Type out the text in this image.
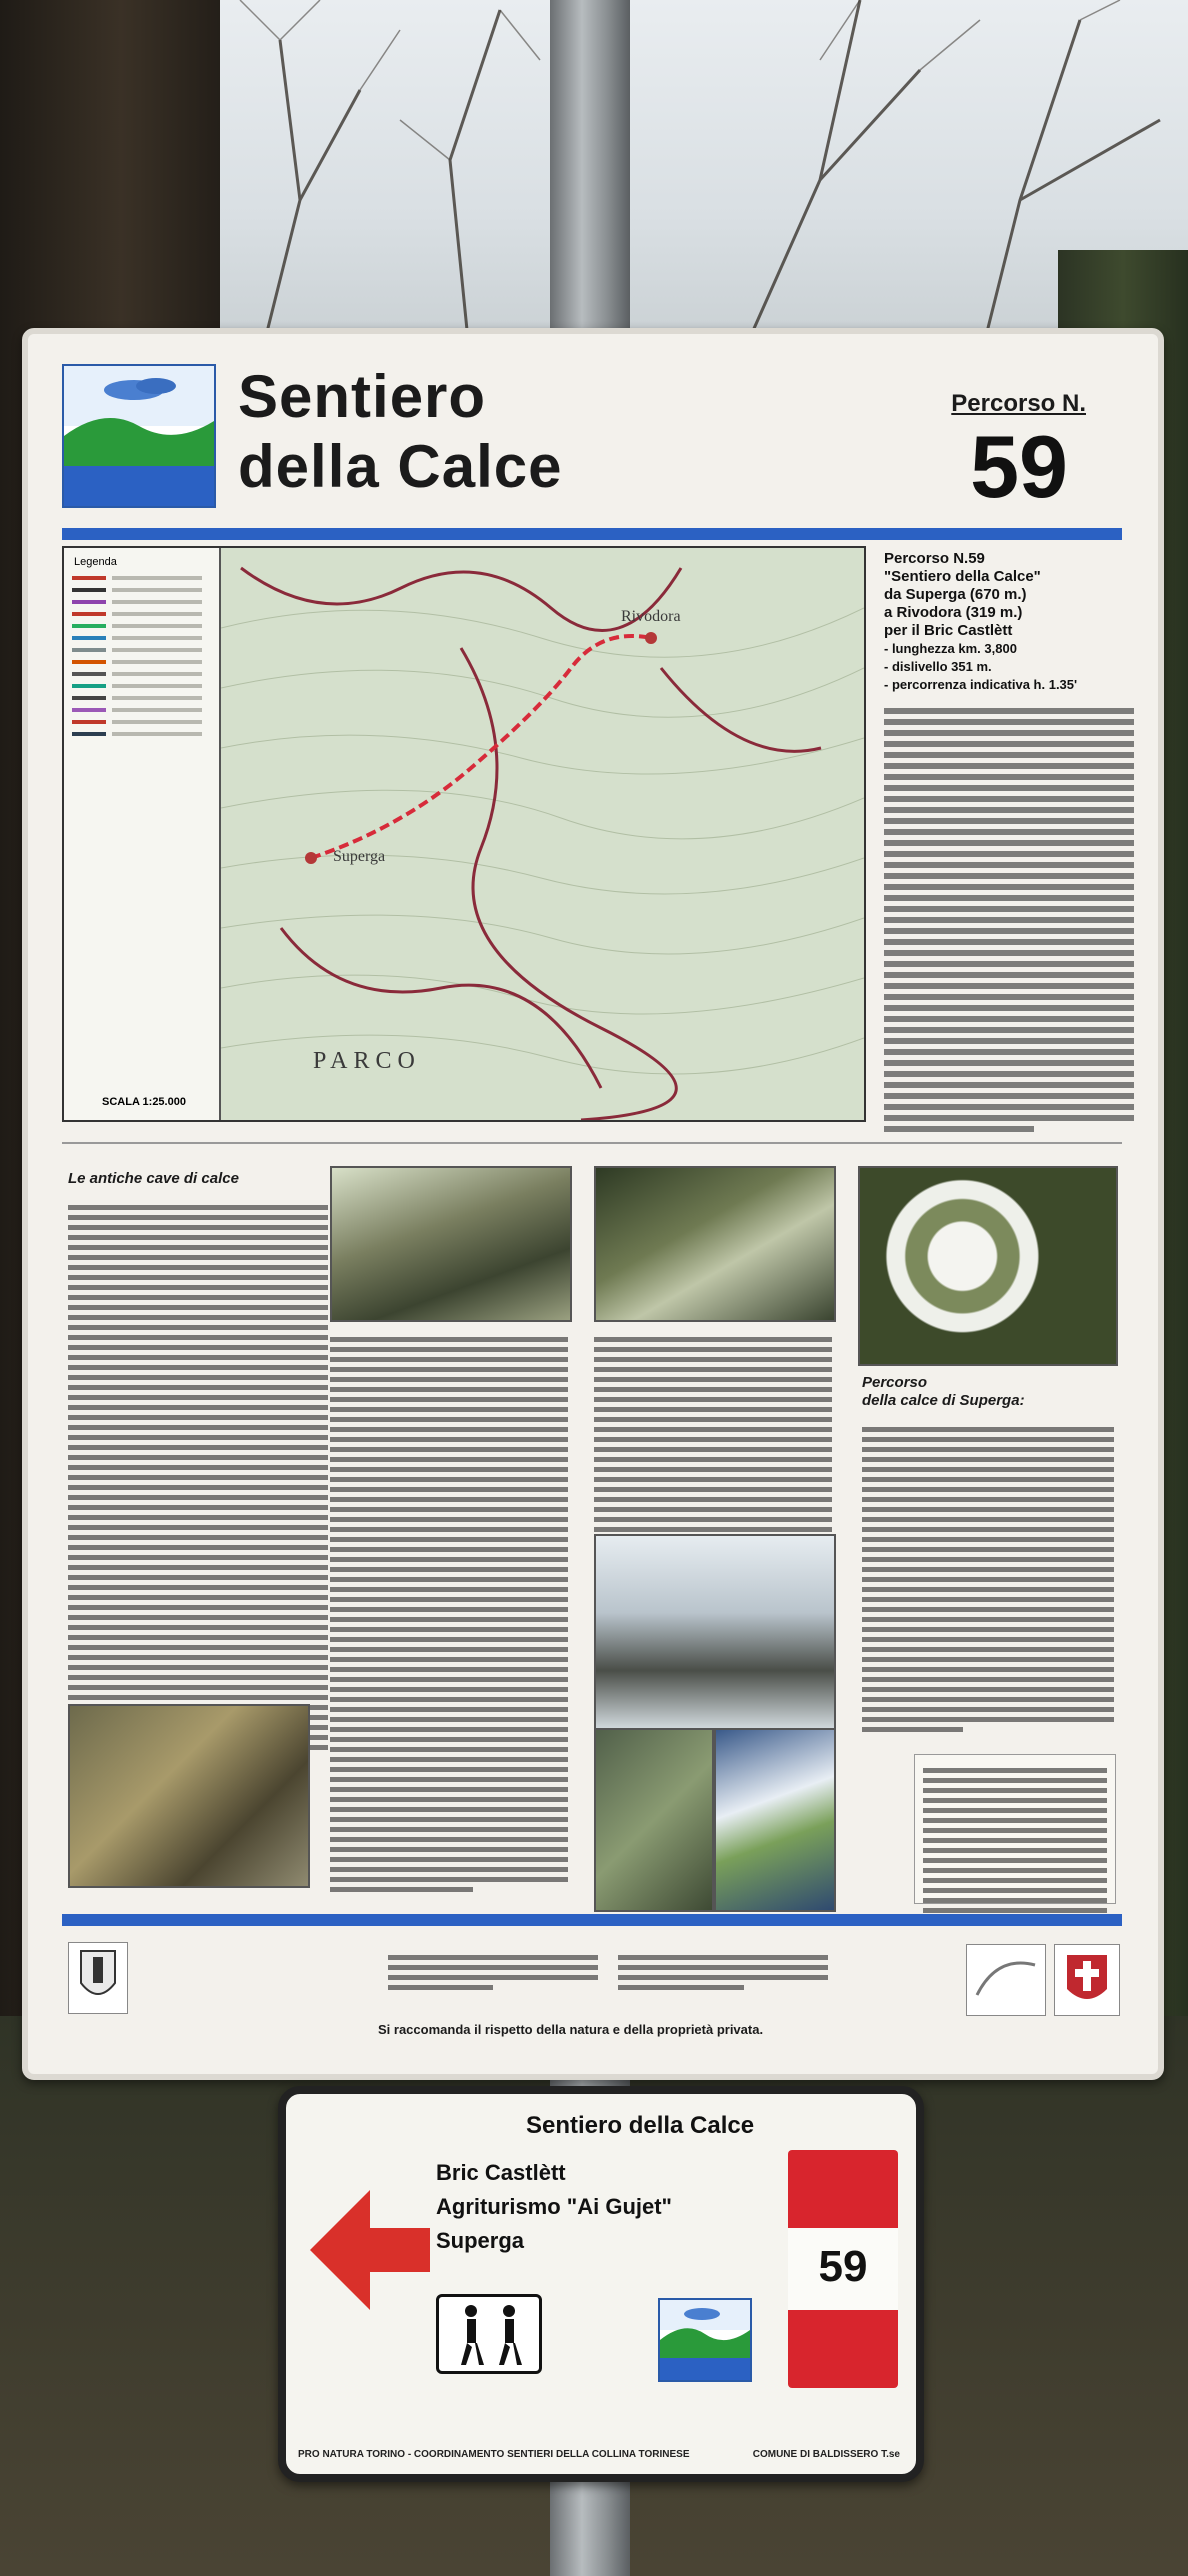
Sentiero
della Calce
Percorso N.
59
Legenda
SCALA 1:25.000
Rivodora
Superga
PARCO
Percorso N.59
"Sentiero della Calce"
da Superga (670 m.)
a Rivodora (319 m.)
per il Bric Castlètt
- lunghezza km. 3,800
- dislivello 351 m.
- percorrenza indicativa h. 1.35'
Le antiche cave di calce
Percorso
della calce di Superga:
Si raccomanda il rispetto della natura e della proprietà privata.
Sentiero della Calce
Bric Castlètt
Agriturismo "Ai Gujet"
Superga
59
PRO NATURA TORINO - COORDINAMENTO SENTIERI DELLA COLLINA TORINESE	COMUNE DI BALDISSERO T.se
